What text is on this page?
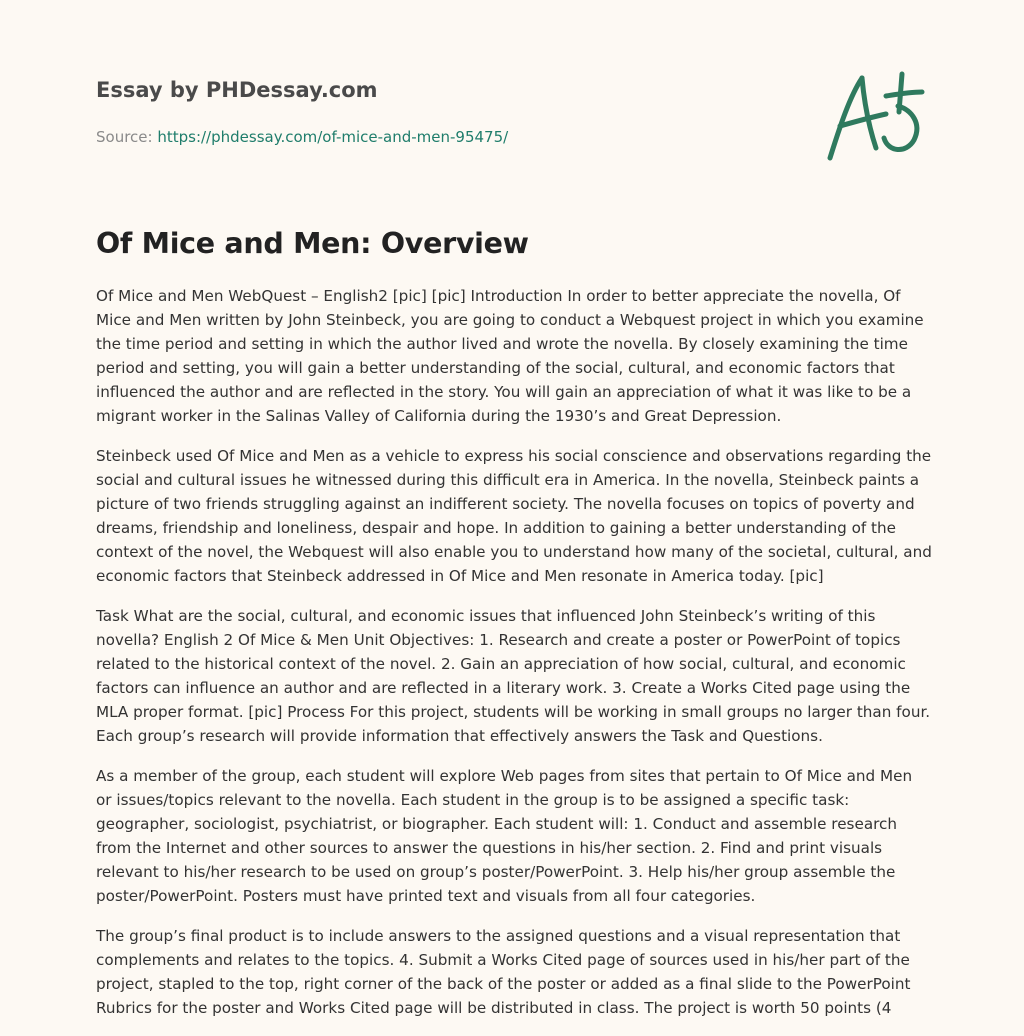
Essay by PHDessay.com
Source: https://phdessay.com/of-mice-and-men-95475/
Of Mice and Men: Overview

Of Mice and Men WebQuest – English2 [pic] [pic] Introduction In order to better appreciate the novella, Of Mice and Men written by John Steinbeck, you are going to conduct a Webquest project in which you examine the time period and setting in which the author lived and wrote the novella. By closely examining the time period and setting, you will gain a better understanding of the social, cultural, and economic factors that influenced the author and are reflected in the story. You will gain an appreciation of what it was like to be a migrant worker in the Salinas Valley of California during the 1930’s and Great Depression.

Steinbeck used Of Mice and Men as a vehicle to express his social conscience and observations regarding the social and cultural issues he witnessed during this difficult era in America. In the novella, Steinbeck paints a picture of two friends struggling against an indifferent society. The novella focuses on topics of poverty and dreams, friendship and loneliness, despair and hope. In addition to gaining a better understanding of the context of the novel, the Webquest will also enable you to understand how many of the societal, cultural, and economic factors that Steinbeck addressed in Of Mice and Men resonate in America today. [pic]

Task What are the social, cultural, and economic issues that influenced John Steinbeck’s writing of this novella? English 2 Of Mice & Men Unit Objectives: 1. Research and create a poster or PowerPoint of topics related to the historical context of the novel. 2. Gain an appreciation of how social, cultural, and economic factors can influence an author and are reflected in a literary work. 3. Create a Works Cited page using the MLA proper format. [pic] Process For this project, students will be working in small groups no larger than four. Each group’s research will provide information that effectively answers the Task and Questions.

As a member of the group, each student will explore Web pages from sites that pertain to Of Mice and Men or issues/topics relevant to the novella. Each student in the group is to be assigned a specific task: geographer, sociologist, psychiatrist, or biographer. Each student will: 1. Conduct and assemble research from the Internet and other sources to answer the questions in his/her section. 2. Find and print visuals relevant to his/her research to be used on group’s poster/PowerPoint. 3. Help his/her group assemble the poster/PowerPoint. Posters must have printed text and visuals from all four categories.

The group’s final product is to include answers to the assigned questions and a visual representation that complements and relates to the topics. 4. Submit a Works Cited page of sources used in his/her part of the project, stapled to the top, right corner of the back of the poster or added as a final slide to the PowerPoint Rubrics for the poster and Works Cited page will be distributed in class. The project is worth 50 points (4
